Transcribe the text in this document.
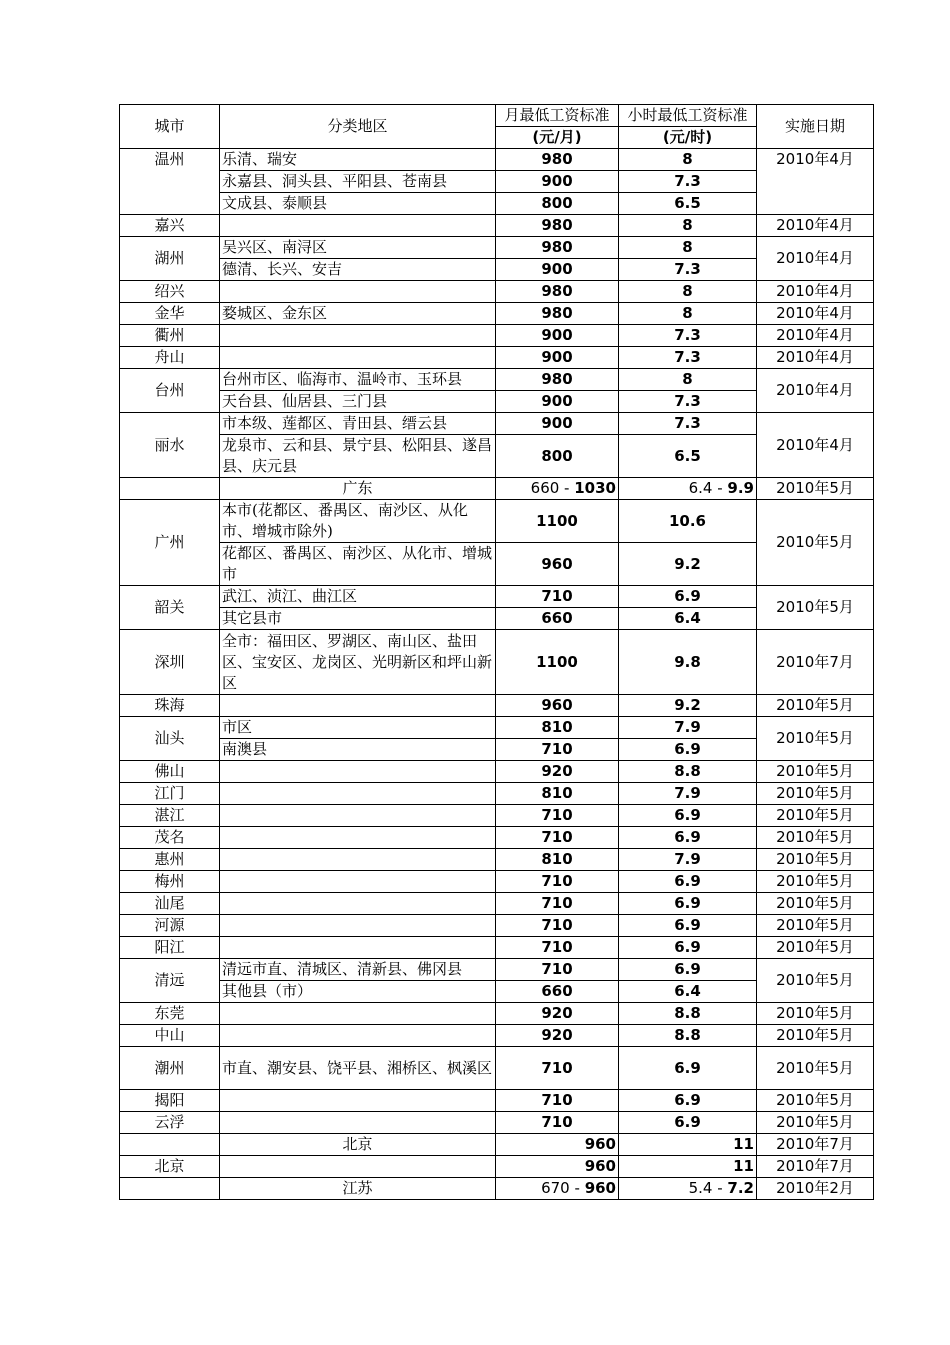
城市	分类地区	月最低工资标准	小时最低工资标准	实施日期
		(元/月)	(元/时)	
温州	乐清、瑞安	980	8	2010年4月
	永嘉县、洞头县、平阳县、苍南县	900	7.3	
	文成县、泰顺县	800	6.5	
嘉兴		980	8	2010年4月
湖州	吴兴区、南浔区	980	8	2010年4月
	德清、长兴、安吉	900	7.3	
绍兴		980	8	2010年4月
金华	婺城区、金东区	980	8	2010年4月
衢州		900	7.3	2010年4月
舟山		900	7.3	2010年4月
台州	台州市区、临海市、温岭市、玉环县	980	8	2010年4月
	天台县、仙居县、三门县	900	7.3	
丽水	市本级、莲都区、青田县、缙云县	900	7.3	2010年4月
	龙泉市、云和县、景宁县、松阳县、遂昌县、庆元县	800	6.5	
	广东	660 - 1030	6.4 - 9.9	2010年5月
广州	本市(花都区、番禺区、南沙区、从化市、增城市除外)	1100	10.6	2010年5月
	花都区、番禺区、南沙区、从化市、增城市	960	9.2	
韶关	武江、浈江、曲江区	710	6.9	2010年5月
	其它县市	660	6.4	
深圳	全市：福田区、罗湖区、南山区、盐田区、宝安区、龙岗区、光明新区和坪山新区	1100	9.8	2010年7月
珠海		960	9.2	2010年5月
汕头	市区	810	7.9	2010年5月
	南澳县	710	6.9	
佛山		920	8.8	2010年5月
江门		810	7.9	2010年5月
湛江		710	6.9	2010年5月
茂名		710	6.9	2010年5月
惠州		810	7.9	2010年5月
梅州		710	6.9	2010年5月
汕尾		710	6.9	2010年5月
河源		710	6.9	2010年5月
阳江		710	6.9	2010年5月
清远	清远市直、清城区、清新县、佛冈县	710	6.9	2010年5月
	其他县（市）	660	6.4	
东莞		920	8.8	2010年5月
中山		920	8.8	2010年5月
潮州	市直、潮安县、饶平县、湘桥区、枫溪区	710	6.9	2010年5月
揭阳		710	6.9	2010年5月
云浮		710	6.9	2010年5月
	北京	960	11	2010年7月
北京		960	11	2010年7月
	江苏	670 - 960	5.4 - 7.2	2010年2月
